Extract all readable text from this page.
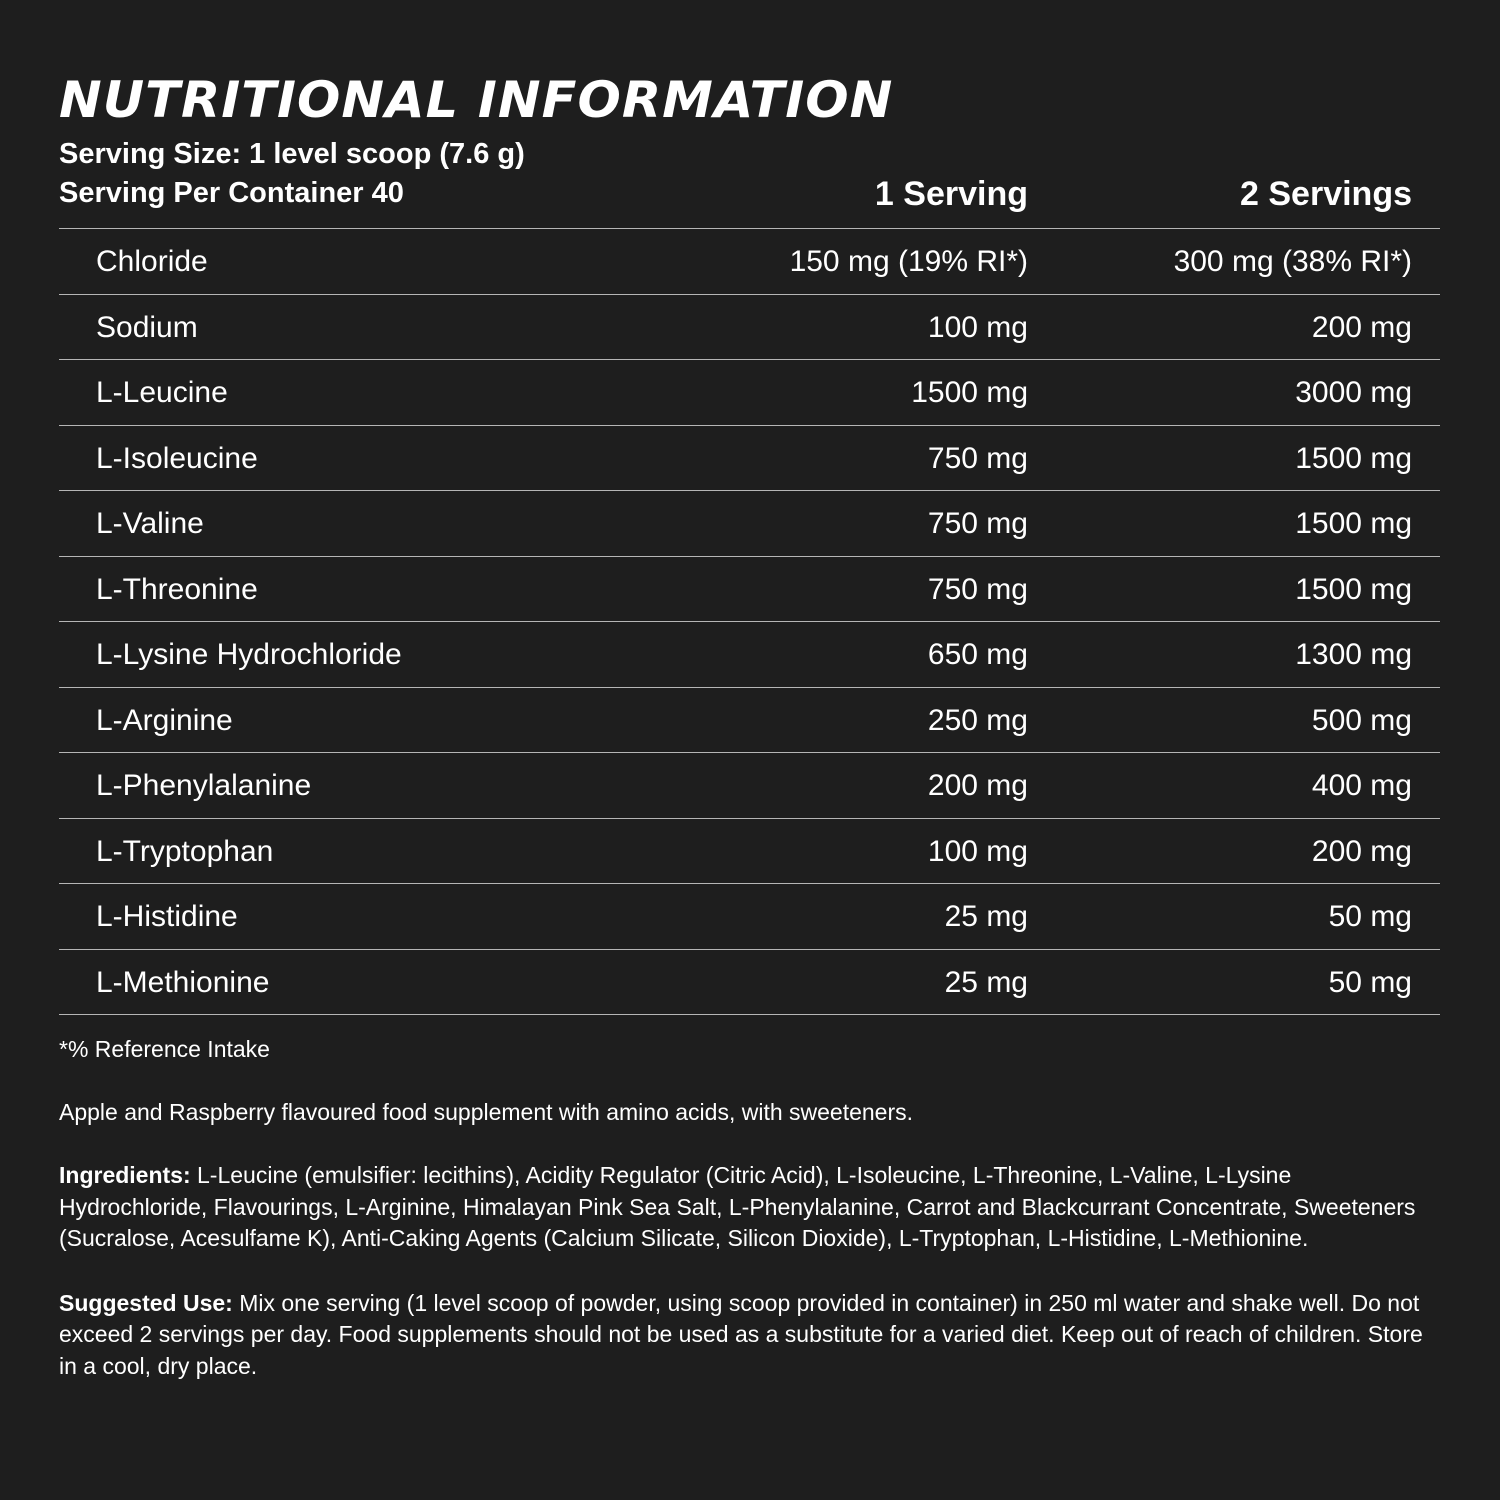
NUTRITIONAL INFORMATION
Serving Size: 1 level scoop (7.6 g)
Serving Per Container 40	1 Serving	2 Servings
Chloride	150 mg (19% RI*)	300 mg (38% RI*)
Sodium	100 mg	200 mg
L-Leucine	1500 mg	3000 mg
L-Isoleucine	750 mg	1500 mg
L-Valine	750 mg	1500 mg
L-Threonine	750 mg	1500 mg
L-Lysine Hydrochloride	650 mg	1300 mg
L-Arginine	250 mg	500 mg
L-Phenylalanine	200 mg	400 mg
L-Tryptophan	100 mg	200 mg
L-Histidine	25 mg	50 mg
L-Methionine	25 mg	50 mg
*% Reference Intake
Apple and Raspberry flavoured food supplement with amino acids, with sweeteners.
Ingredients: L-Leucine (emulsifier: lecithins), Acidity Regulator (Citric Acid), L-Isoleucine, L-Threonine, L-Valine, L-Lysine Hydrochloride, Flavourings, L-Arginine, Himalayan Pink Sea Salt, L-Phenylalanine, Carrot and Blackcurrant Concentrate, Sweeteners (Sucralose, Acesulfame K), Anti-Caking Agents (Calcium Silicate, Silicon Dioxide), L-Tryptophan, L-Histidine, L-Methionine.
Suggested Use: Mix one serving (1 level scoop of powder, using scoop provided in container) in 250 ml water and shake well. Do not exceed 2 servings per day. Food supplements should not be used as a substitute for a varied diet. Keep out of reach of children. Store in a cool, dry place.
